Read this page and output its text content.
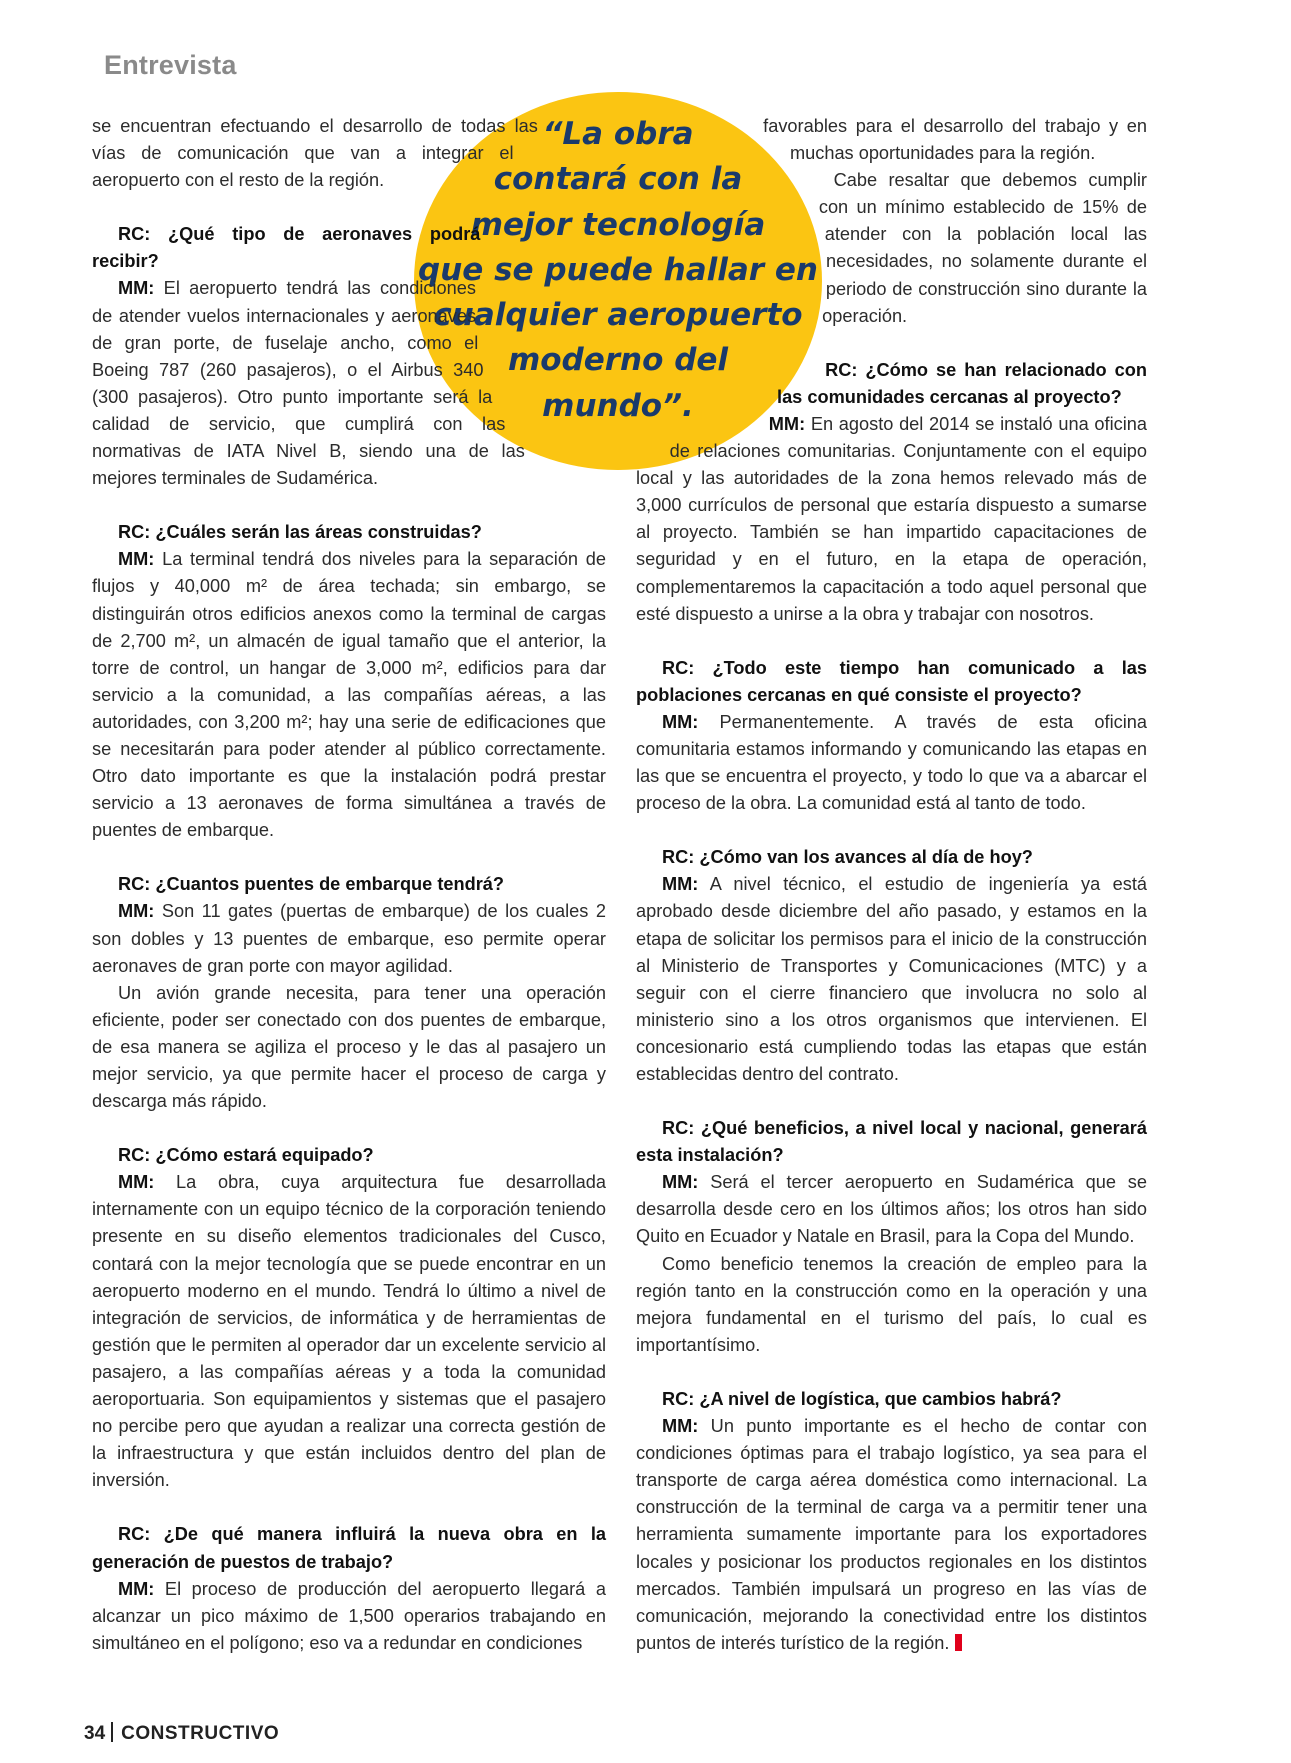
Entrevista
“La obra
contará con la
mejor tecnología
que se puede hallar en
cualquier aeropuerto
moderno del
mundo”.

se encuentran efectuando el desarrollo de todas las vías de comunicación que van a integrar el aeropuerto con el resto de la región.

RC: ¿Qué tipo de aeronaves podrá recibir?

MM: El aeropuerto tendrá las condiciones de atender vuelos internacionales y aeronaves de gran porte, de fuselaje ancho, como el Boeing 787 (260 pasajeros), o el Airbus 340 (300 pasajeros). Otro punto importante será la calidad de servicio, que cumplirá con las normativas de IATA Nivel B, siendo una de las mejores terminales de Sudamérica.

RC: ¿Cuáles serán las áreas construidas?

MM: La terminal tendrá dos niveles para la separación de flujos y 40,000 m² de área techada; sin embargo, se distinguirán otros edificios anexos como la terminal de cargas de 2,700 m², un almacén de igual tamaño que el anterior, la torre de control, un hangar de 3,000 m², edificios para dar servicio a la comunidad, a las compañías aéreas, a las autoridades, con 3,200 m²; hay una serie de edificaciones que se necesitarán para poder atender al público correctamente. Otro dato importante es que la instalación podrá prestar servicio a 13 aeronaves de forma simultánea a través de puentes de embarque.

RC: ¿Cuantos puentes de embarque tendrá?

MM: Son 11 gates (puertas de embarque) de los cuales 2 son dobles y 13 puentes de embarque, eso permite operar aeronaves de gran porte con mayor agilidad.

Un avión grande necesita, para tener una operación eficiente, poder ser conectado con dos puentes de embarque, de esa manera se agiliza el proceso y le das al pasajero un mejor servicio, ya que permite hacer el proceso de carga y descarga más rápido.

RC: ¿Cómo estará equipado?

MM: La obra, cuya arquitectura fue desarrollada internamente con un equipo técnico de la corporación teniendo presente en su diseño elementos tradicionales del Cusco, contará con la mejor tecnología que se puede encontrar en un aeropuerto moderno en el mundo. Tendrá lo último a nivel de integración de servicios, de informática y de herramientas de gestión que le permiten al operador dar un excelente servicio al pasajero, a las compañías aéreas y a toda la comunidad aeroportuaria. Son equipamientos y sistemas que el pasajero no percibe pero que ayudan a realizar una correcta gestión de la infraestructura y que están incluidos dentro del plan de inversión.

RC: ¿De qué manera influirá la nueva obra en la generación de puestos de trabajo?

MM: El proceso de producción del aeropuerto llegará a alcanzar un pico máximo de 1,500 operarios trabajando en simultáneo en el polígono; eso va a redundar en condiciones

favorables para el desarrollo del trabajo y en muchas oportunidades para la región.

Cabe resaltar que debemos cumplir con un mínimo establecido de 15% de atender con la población local las necesidades, no solamente durante el periodo de construcción sino durante la operación.

RC: ¿Cómo se han relacionado con las comunidades cercanas al proyecto?

MM: En agosto del 2014 se instaló una oficina de relaciones comunitarias. Conjuntamente con el equipo local y las autoridades de la zona hemos relevado más de 3,000 currículos de personal que estaría dispuesto a sumarse al proyecto. También se han impartido capacitaciones de seguridad y en el futuro, en la etapa de operación, complementaremos la capacitación a todo aquel personal que esté dispuesto a unirse a la obra y trabajar con nosotros.

RC: ¿Todo este tiempo han comunicado a las poblaciones cercanas en qué consiste el proyecto?

MM: Permanentemente. A través de esta oficina comunitaria estamos informando y comunicando las etapas en las que se encuentra el proyecto, y todo lo que va a abarcar el proceso de la obra. La comunidad está al tanto de todo.

RC: ¿Cómo van los avances al día de hoy?

MM: A nivel técnico, el estudio de ingeniería ya está aprobado desde diciembre del año pasado, y estamos en la etapa de solicitar los permisos para el inicio de la construcción al Ministerio de Transportes y Comunicaciones (MTC) y a seguir con el cierre financiero que involucra no solo al ministerio sino a los otros organismos que intervienen. El concesionario está cumpliendo todas las etapas que están establecidas dentro del contrato.

RC: ¿Qué beneficios, a nivel local y nacional, generará esta instalación?

MM: Será el tercer aeropuerto en Sudamérica que se desarrolla desde cero en los últimos años; los otros han sido Quito en Ecuador y Natale en Brasil, para la Copa del Mundo.

Como beneficio tenemos la creación de empleo para la región tanto en la construcción como en la operación y una mejora fundamental en el turismo del país, lo cual es importantísimo.

RC: ¿A nivel de logística, que cambios habrá?

MM: Un punto importante es el hecho de contar con condiciones óptimas para el trabajo logístico, ya sea para el transporte de carga aérea doméstica como internacional. La construcción de la terminal de carga va a permitir tener una herramienta sumamente importante para los exportadores locales y posicionar los productos regionales en los distintos mercados. También impulsará un progreso en las vías de comunicación, mejorando la conectividad entre los distintos puntos de interés turístico de la región.

34 CONSTRUCTIVO
